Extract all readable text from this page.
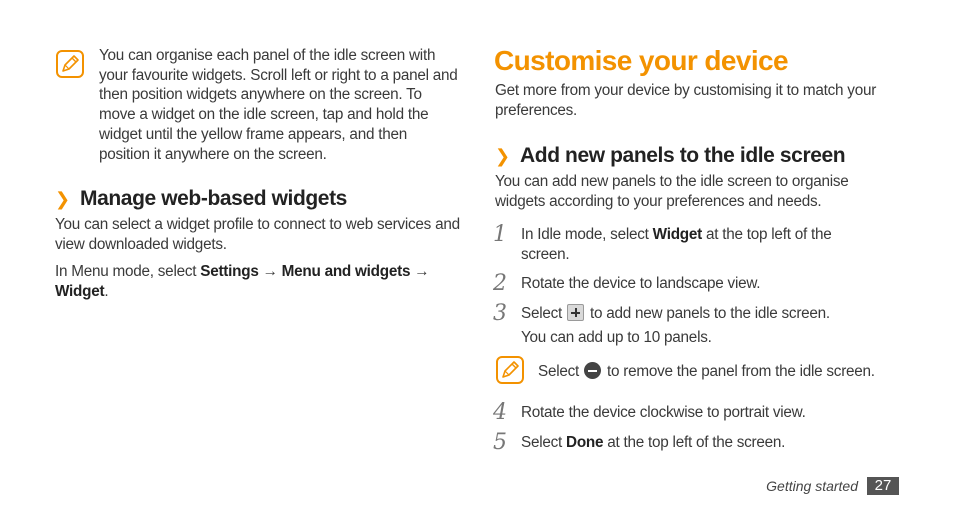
You can organise each panel of the idle screen with your favourite widgets. Scroll left or right to a panel and then position widgets anywhere on the screen. To move a widget on the idle screen, tap and hold the widget until the yellow frame appears, and then position it anywhere on the screen.
❯ Manage web-based widgets
You can select a widget profile to connect to web services and view downloaded widgets.
In Menu mode, select Settings → Menu and widgets →
Widget.
Customise your device
Get more from your device by customising it to match your preferences.
❯ Add new panels to the idle screen
You can add new panels to the idle screen to organise widgets according to your preferences and needs.
1 In Idle mode, select Widget at the top left of the screen.
2 Rotate the device to landscape view.
3 Select  to add new panels to the idle screen.
You can add up to 10 panels.
Select  to remove the panel from the idle screen.
4 Rotate the device clockwise to portrait view.
5 Select Done at the top left of the screen.
Getting started	27
